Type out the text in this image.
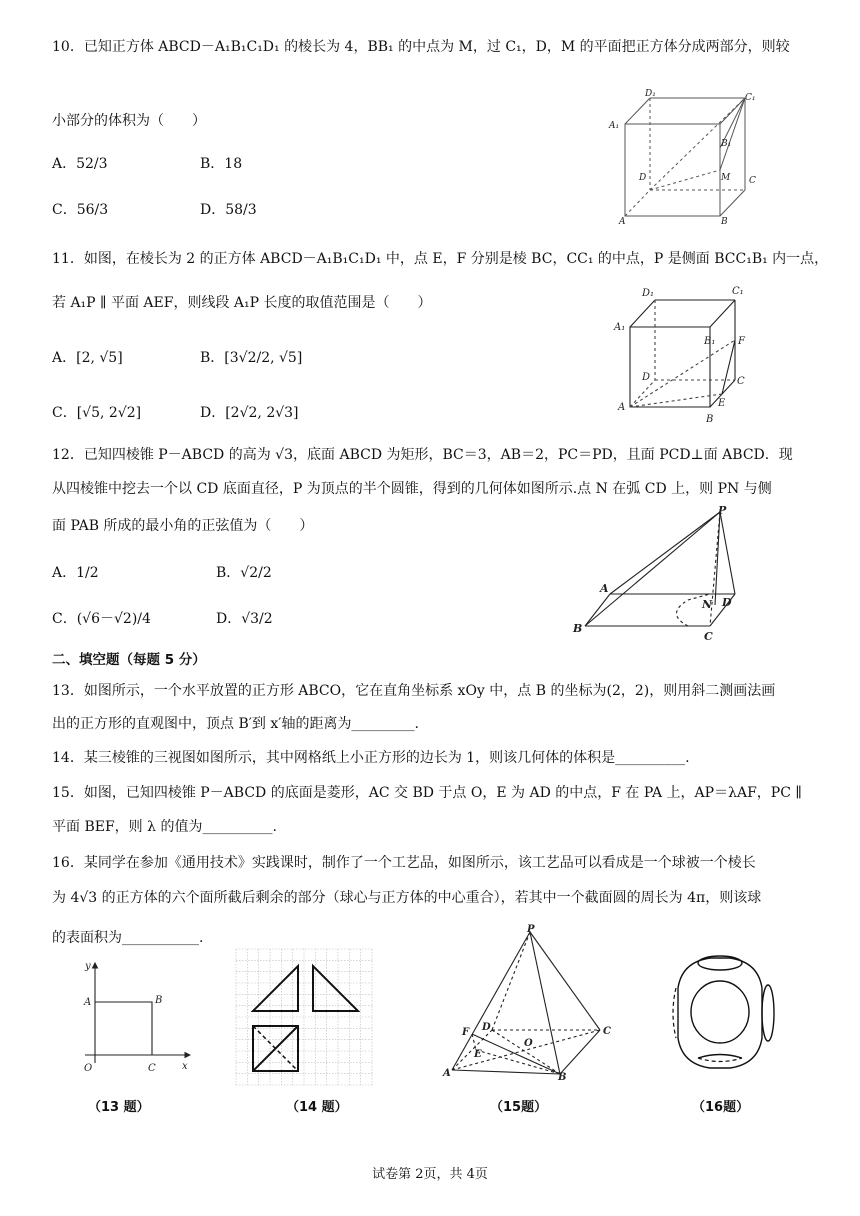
10．已知正方体 ABCD－A₁B₁C₁D₁ 的棱长为 4，BB₁ 的中点为 M，过 C₁，D，M 的平面把正方体分成两部分，则较
小部分的体积为（　　）
A．52/3	B．18
C．56/3	D．58/3
D₁	C₁
A₁
B₁
D	M C
A	B
11．如图，在棱长为 2 的正方体 ABCD－A₁B₁C₁D₁ 中，点 E，F 分别是棱 BC，CC₁ 的中点，P 是侧面 BCC₁B₁ 内一点，
若 A₁P ∥ 平面 AEF，则线段 A₁P 长度的取值范围是（　　）
A．[2, √5]	B．[3√2/2, √5]
C．[√5, 2√2]	D．[2√2, 2√3]
D₁	C₁
A₁
B₁ F
D	C
A	E
B
12．已知四棱锥 P－ABCD 的高为 √3，底面 ABCD 为矩形，BC＝3，AB＝2，PC＝PD，且面 PCD⊥面 ABCD．现
从四棱锥中挖去一个以 CD 底面直径，P 为顶点的半个圆锥，得到的几何体如图所示.点 N 在弧 CD 上，则 PN 与侧
面 PAB 所成的最小角的正弦值为（　　）
A．1/2	B．√2/2
C．(√6－√2)/4	D．√3/2
P
A
N D
B
C
二、填空题（每题 5 分）
13．如图所示，一个水平放置的正方形 ABCO，它在直角坐标系 xOy 中，点 B 的坐标为(2，2)，则用斜二测画法画
出的正方形的直观图中，顶点 B′到 x′轴的距离为_________.
14．某三棱锥的三视图如图所示，其中网格纸上小正方形的边长为 1，则该几何体的体积是__________.
15．如图，已知四棱锥 P－ABCD 的底面是菱形，AC 交 BD 于点 O，E 为 AD 的中点，F 在 PA 上，AP＝λAF，PC ∥
平面 BEF，则 λ 的值为__________.
16．某同学在参加《通用技术》实践课时，制作了一个工艺品，如图所示，该工艺品可以看成是一个球被一个棱长
为 4√3 的正方体的六个面所截后剩余的部分（球心与正方体的中心重合），若其中一个截面圆的周长为 4π，则该球
的表面积为___________.
y
A	B
O	C	x
P
F D	C
E
O
A	B
（13 题）	（14 题）	（15题）	（16题）
试卷第 2页，共 4页
